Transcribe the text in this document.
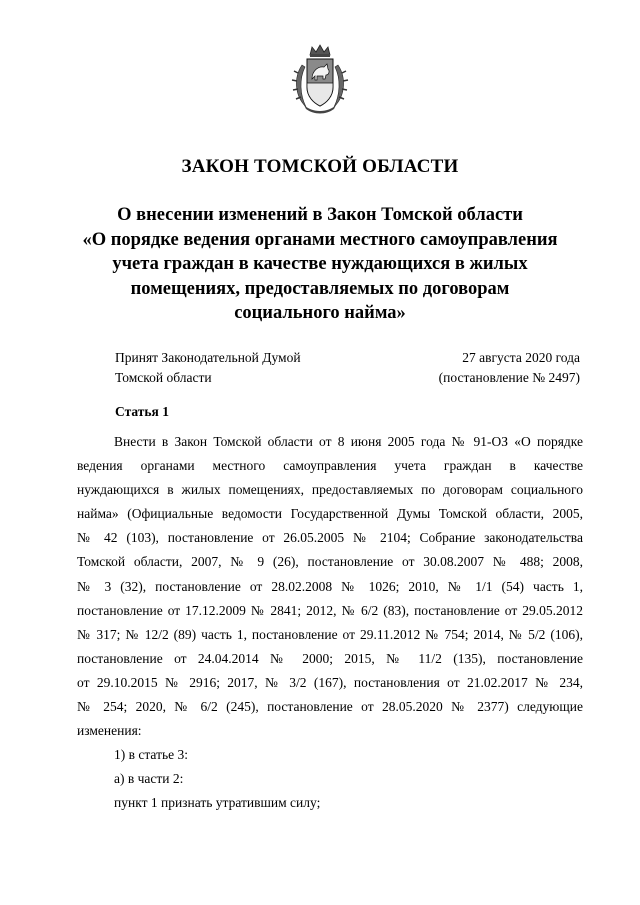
ЗАКОН ТОМСКОЙ ОБЛАСТИ
О внесении изменений в Закон Томской области
«О порядке ведения органами местного самоуправления
учета граждан в качестве нуждающихся в жилых
помещениях, предоставляемых по договорам
социального найма»
Принят Законодательной Думой
Томской области
27 августа 2020 года
(постановление № 2497)
Статья 1
Внести в Закон Томской области от 8 июня 2005 года № 91-ОЗ «О порядке
ведения органами местного самоуправления учета граждан в качестве
нуждающихся в жилых помещениях, предоставляемых по договорам социального
найма» (Официальные ведомости Государственной Думы Томской области, 2005,
№ 42 (103), постановление от 26.05.2005 № 2104; Собрание законодательства
Томской области, 2007, № 9 (26), постановление от 30.08.2007 № 488; 2008,
№ 3 (32), постановление от 28.02.2008 № 1026; 2010, № 1/1 (54) часть 1,
постановление от 17.12.2009 № 2841; 2012, № 6/2 (83), постановление от 29.05.2012
№ 317; № 12/2 (89) часть 1, постановление от 29.11.2012 № 754; 2014, № 5/2 (106),
постановление от 24.04.2014 № 2000; 2015, № 11/2 (135), постановление
от 29.10.2015 № 2916; 2017, № 3/2 (167), постановления от 21.02.2017 № 234,
№ 254; 2020, № 6/2 (245), постановление от 28.05.2020 № 2377) следующие
изменения:
1) в статье 3:
а) в части 2:
пункт 1 признать утратившим силу;
